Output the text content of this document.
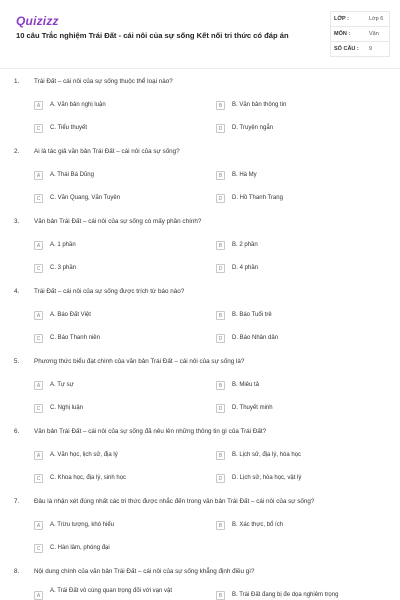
Quizizz
10 câu Trắc nghiệm Trái Đất - cái nôi của sự sống Kết nối tri thức có đáp án
LỚP :	Lớp 6
MÔN :	Văn
SỐ CÂU : 9
1. Trái Đất – cái nôi của sự sống thuộc thể loại nào?
A	A. Văn bản nghị luận	B	B. Văn bản thông tin
C	C. Tiểu thuyết	D	D. Truyện ngắn
2. Ai là tác giả văn bản Trái Đất – cái nôi của sự sống?
A	A. Thái Bá Dũng	B	B. Hà My
C	C. Văn Quang, Văn Tuyên	D	D. Hồ Thanh Trang
3. Văn bản Trái Đất – cái nôi của sự sống có mấy phần chính?
A	A. 1 phần	B	B. 2 phần
C	C. 3 phần	D	D. 4 phần
4. Trái Đất – cái nôi của sự sống được trích từ báo nào?
A	A. Báo Đất Việt	B	B. Báo Tuổi trẻ
C	C. Báo Thanh niên	D	D. Báo Nhân dân
5. Phương thức biểu đạt chính của văn bản Trái Đất – cái nôi của sự sống là?
A	A. Tự sự	B	B. Miêu tả
C	C. Nghị luận	D	D. Thuyết minh
6. Văn bản Trái Đất – cái nôi của sự sống đã nêu lên những thông tin gì của Trái Đất?
A	A. Văn học, lịch sử, địa lý	B	B. Lịch sử, địa lý, hóa học
C	C. Khoa học, địa lý, sinh học	D	D. Lịch sử, hóa học, vật lý
7. Đâu là nhận xét đúng nhất các tri thức được nhắc đến trong văn bản Trái Đất – cái nôi của sự sống?
A	A. Trừu tượng, khó hiểu	B	B. Xác thực, bổ ích
C	C. Hàn lâm, phóng đại
8. Nội dung chính của văn bản Trái Đất – cái nôi của sự sống khẳng định điều gì?
A
A. Trái Đất vô cùng quan trọng đối với vạn vật
B	B. Trái Đất đang bị đe dọa nghiêm trọng
